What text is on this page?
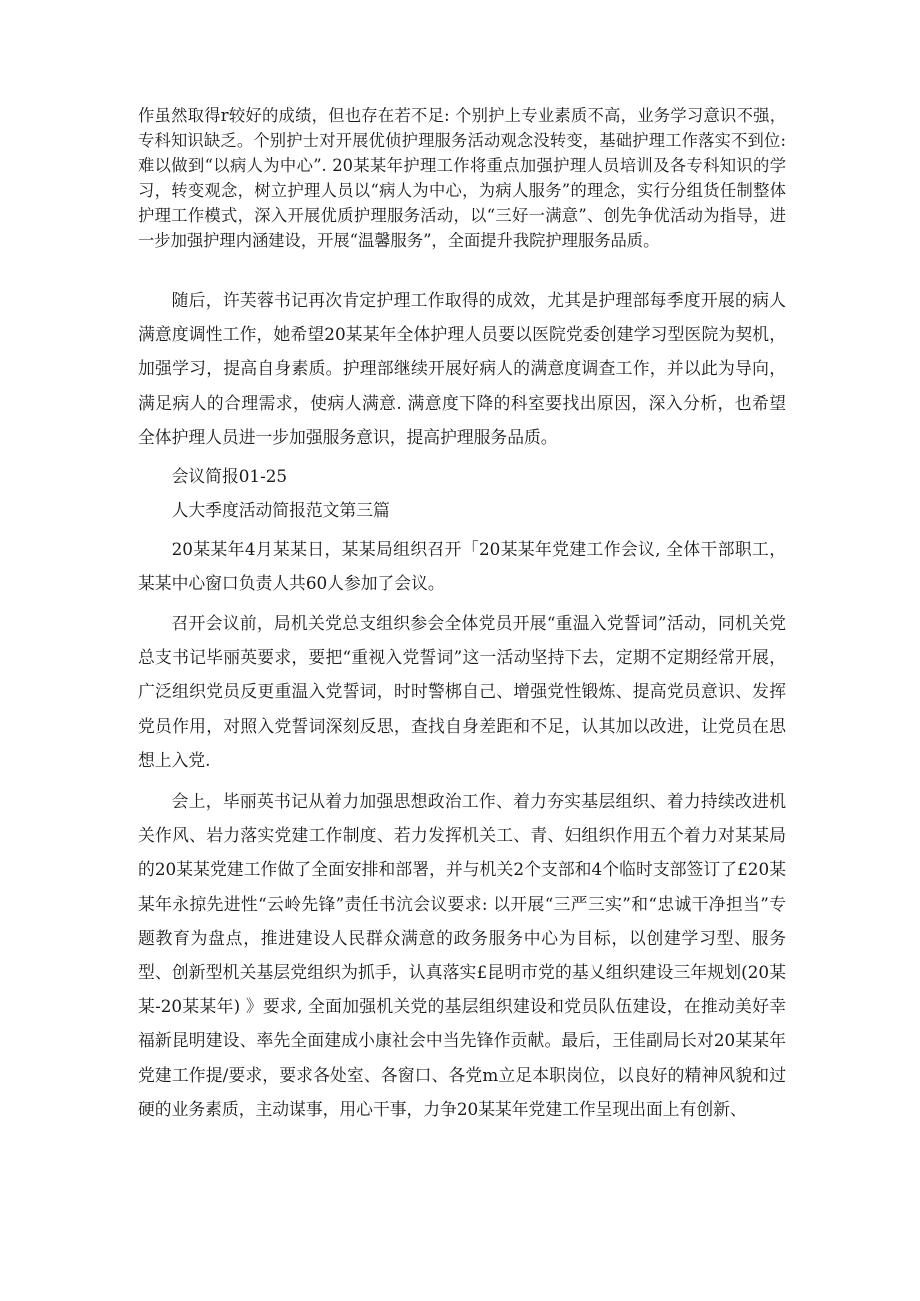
作虽然取得r较好的成绩，但也存在若不足: 个别护上专业素质不高，业务学习意识不强，专科知识缺乏。个别护士对开展优侦护理服务活动观念没转变，基础护理工作落实不到位: 难以做到“以病人为中心”. 20某某年护理工作将重点加强护理人员培训及各专科知识的学习，转变观念，树立护理人员以“病人为中心，为病人服务”的理念，实行分组货任制整体护理工作模式，深入开展优质护理服务活动，以“三好一满意”、创先争优活动为指导，进一步加强护理内涵建设，开展“温馨服务”，全面提升我院护理服务品质。

随后，许芙蓉书记再次肯定护理工作取得的成效，尤其是护理部每季度开展的病人满意度调性工作，她希望20某某年全体护理人员要以医院党委创建学习型医院为契机，加强学习，提高自身素质。护理部继续开展好病人的满意度调查工作，并以此为导向，满足病人的合理需求，使病人满意. 满意度下降的科室要找出原因，深入分析，也希望全体护理人员进一步加强服务意识，提高护理服务品质。

会议简报01-25

人大季度活动简报范文第三篇

20某某年4月某某日，某某局组织召开「20某某年党建工作会议, 全体干部职工，某某中心窗口负责人共60人参加了会议。

召开会议前，局机关党总支组织参会全体党员开展“重温入党誓词”活动，同机关党总支书记毕丽英要求，要把“重视入党誓词”这一活动坚持下去，定期不定期经常开展，广泛组织党员反更重温入党誓词，时时警梆自己、增强党性锻炼、提高党员意识、发挥党员作用，对照入党誓词深刻反思，查找自身差距和不足，认其加以改进，让党员在思想上入党.

会上，毕丽英书记从着力加强思想政治工作、着力夯实基层组织、着力持续改进机关作风、岩力落实党建工作制度、若力发挥机关工、青、妇组织作用五个着力对某某局的20某某党建工作做了全面安排和部署，并与机关2个支部和4个临时支部签订了£20某某年永掠先进性“云岭先锋”责任书沆会议要求: 以开展“三严三实”和“忠诚干净担当”专题教育为盘点，推进建设人民群众满意的政务服务中心为目标，以创建学习型、服务型、创新型机关基层党组织为抓手，认真落实£昆明市党的基乂组织建设三年规划(20某某-20某某年) 》要求, 全面加强机关党的基层组织建设和党员队伍建设，在推动美好幸福新昆明建设、率先全面建成小康社会中当先锋作贡献。最后，王佳副局长对20某某年党建工作提/要求，要求各处室、各窗口、各党m立足本职岗位，以良好的精神风貌和过硬的业务素质，主动谋事，用心干事，力争20某某年党建工作呈现出面上有创新、
